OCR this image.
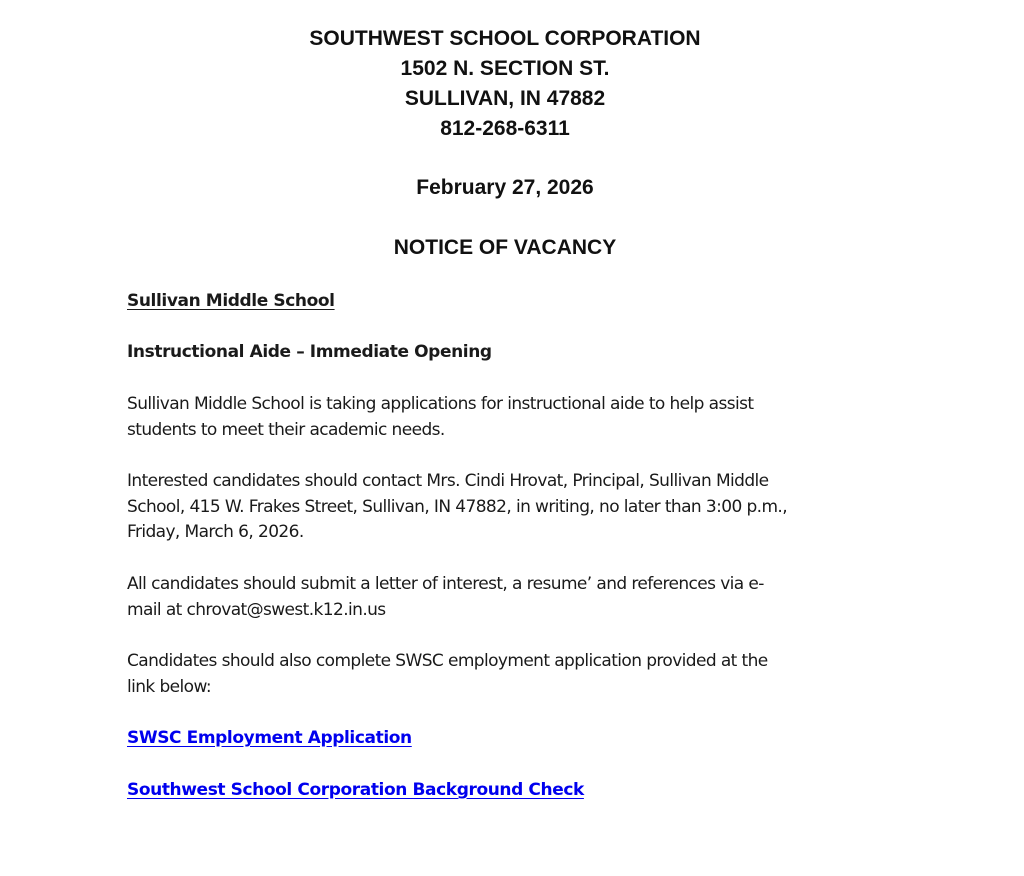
SOUTHWEST SCHOOL CORPORATION
1502 N. SECTION ST.
SULLIVAN, IN 47882
812-268-6311
February 27, 2026
NOTICE OF VACANCY
Sullivan Middle School
Instructional Aide – Immediate Opening
Sullivan Middle School is taking applications for instructional aide to help assist
students to meet their academic needs.
Interested candidates should contact Mrs. Cindi Hrovat, Principal, Sullivan Middle
School, 415 W. Frakes Street, Sullivan, IN 47882, in writing, no later than 3:00 p.m.,
Friday, March 6, 2026.
All candidates should submit a letter of interest, a resume’ and references via e-
mail at chrovat@swest.k12.in.us
Candidates should also complete SWSC employment application provided at the
link below:
SWSC Employment Application
Southwest School Corporation Background Check
